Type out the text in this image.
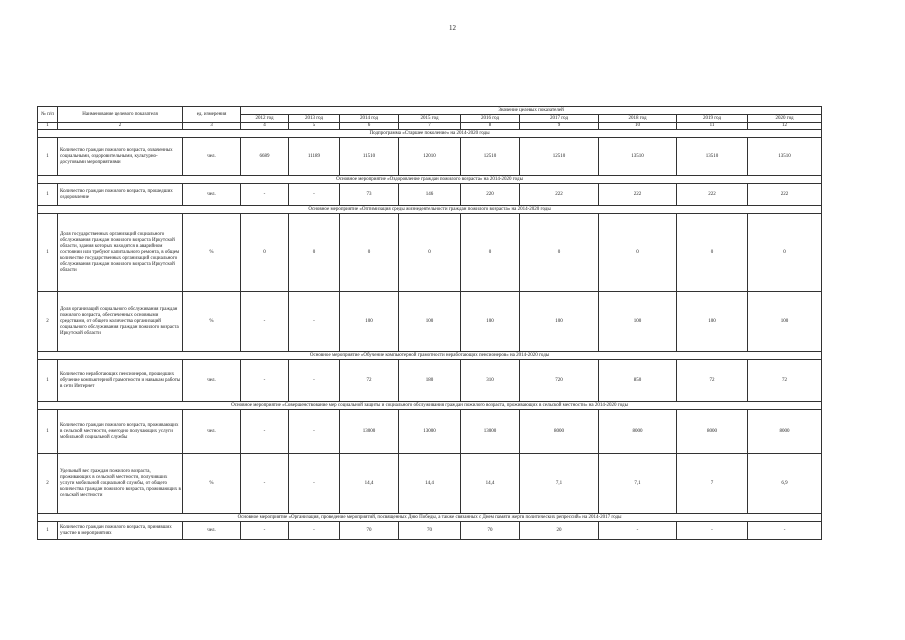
12
№ п/п	Наименование целевого показателя	ед. измерения	Значение целевых показателей								
			2012 год	2013 год	2014 год	2015 год	2016 год	2017 год	2018 год	2019 год	2020 год
1	2	3	4	5	6	7	8	9	10	11	12
Подпрограмма «Старшее поколение» на 2014-2020 годы											
1	Количество граждан пожилого возраста, охваченных социальными, оздоровительными, культурно-досуговыми мероприятиями	чел.	6689	11189	11510	12010	12510	12510	13510	13510	13510
Основное мероприятие «Оздоровление граждан пожилого возраста» на 2014-2020 годы											
1	Количество граждан пожилого возраста, прошедших оздоровление	чел.	-	-	73	146	220	222	222	222	222
Основное мероприятие «Оптимизация среды жизнедеятельности граждан пожилого возраста» на 2014-2020 годы											
1	Доля государственных организаций социального обслуживания граждан пожилого возраста Иркутской области, здания которых находятся в аварийном состоянии или требуют капитального ремонта, в общем количестве государственных организаций социального обслуживания граждан пожилого возраста Иркутской области	%	0	0	0	0	0	0	0	0	0
2	Доля организаций социального обслуживания граждан пожилого возраста, обеспеченных основными средствами, от общего количества организаций социального обслуживания граждан пожилого возраста Иркутской области	%	-	-	100	100	100	100	100	100	100
Основное мероприятие «Обучение компьютерной грамотности неработающих пенсионеров» на 2014-2020 годы											
1	Количество неработающих пенсионеров, прошедших обучение компьютерной грамотности и навыкам работы в сети Интернет	чел.	-	-	72	180	310	720	850	72	72
Основное мероприятие «Совершенствование мер социальной защиты и социального обслуживания граждан пожилого возраста, проживающих в сельской местности» на 2014-2020 годы											
1	Количество граждан пожилого возраста, проживающих в сельской местности, ежегодно получающих услуги мобильной социальной службы	чел.	-	-	13000	13000	13000	8000	8000	8000	8000
2	Удельный вес граждан пожилого возраста, проживающих в сельской местности, получивших услуги мобильной социальной службы, от общего количества граждан пожилого возраста, проживающих в сельской местности	%	-	-	14,4	14,4	14,4	7,1	7,1	7	6,9
Основное мероприятие «Организация, проведение мероприятий, посвященных Дню Победы, а также связанных с Днем памяти жертв политических репрессий» на 2014-2017 годы											
1	Количество граждан пожилого возраста, принявших участие в мероприятиях	чел.	-	-	70	70	70	20	-	-	-
